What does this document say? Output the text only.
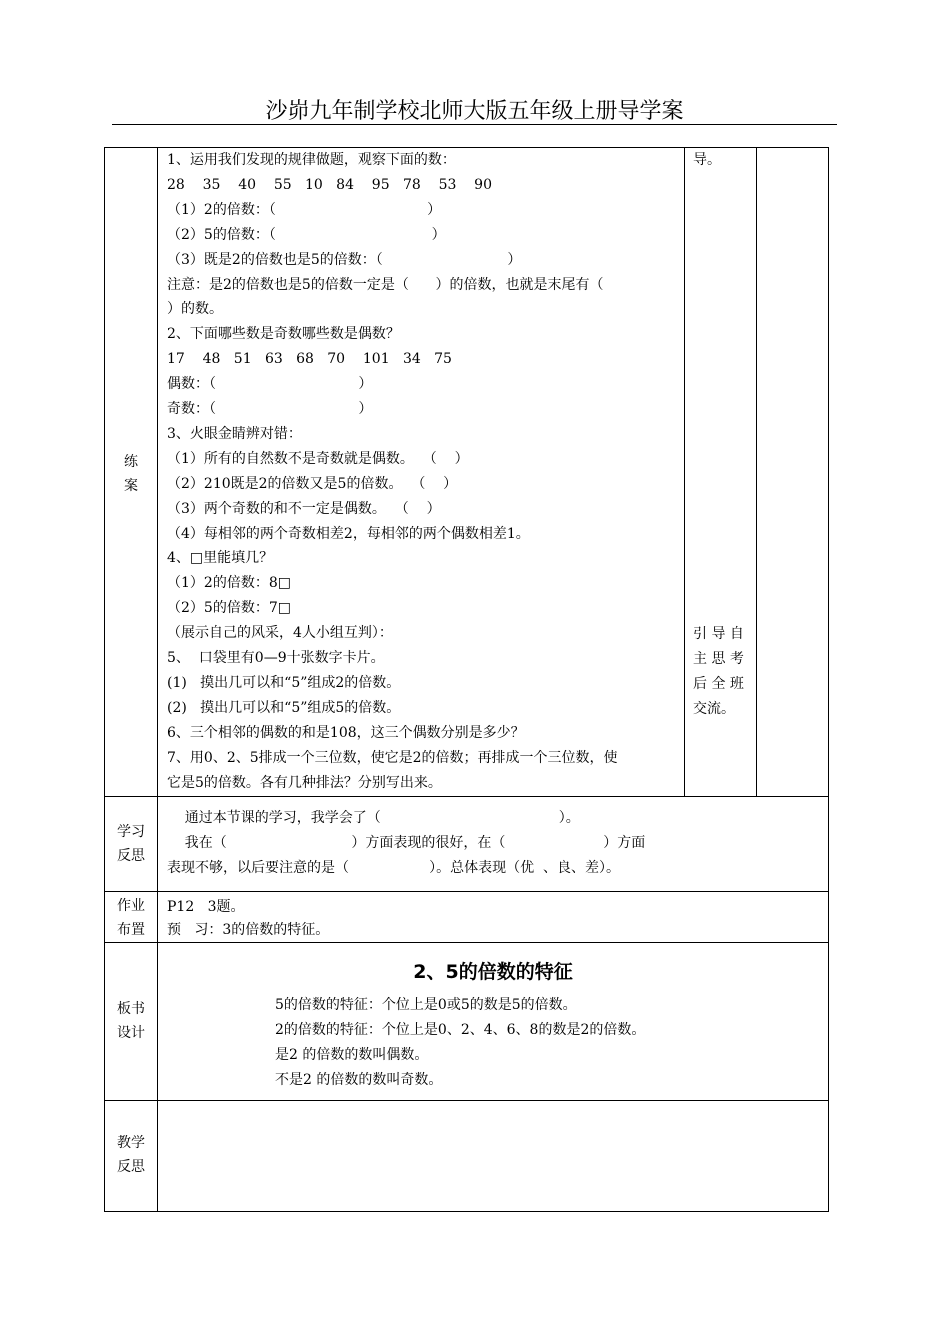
沙峁九年制学校北师大版五年级上册导学案
练
案
1、运用我们发现的规律做题，观察下面的数：
28    35    40    55   10   84    95   78    53    90
（1）2的倍数：（                                  ）
（2）5的倍数：（                                   ）
（3）既是2的倍数也是5的倍数：（                            ）
注意：是2的倍数也是5的倍数一定是（      ）的倍数，也就是末尾有（
）的数。
2、下面哪些数是奇数哪些数是偶数？
17    48   51   63   68   70    101   34   75
偶数：（                                ）
奇数：（                                ）
3、火眼金睛辨对错：
（1）所有的自然数不是奇数就是偶数。  （    ）
（2）210既是2的倍数又是5的倍数。  （    ）
（3）两个奇数的和不一定是偶数。  （    ）
（4）每相邻的两个奇数相差2，每相邻的两个偶数相差1。
4、□里能填几？
（1）2的倍数：8□
（2）5的倍数：7□
（展示自己的风采，4人小组互判）：
5、  口袋里有0—9十张数字卡片。
(1)   摸出几可以和“5”组成2的倍数。
(2)   摸出几可以和“5”组成5的倍数。
6、三个相邻的偶数的和是108，这三个偶数分别是多少？
7、用0、2、5排成一个三位数，使它是2的倍数；再排成一个三位数，使
它是5的倍数。各有几种排法？分别写出来。
导。
引 导 自
主 思 考
后 全 班
交流。
学习
反思
通过本节课的学习，我学会了（                                        ）。
我在（                            ）方面表现的很好，在（                      ）方面
表现不够，以后要注意的是（                  ）。总体表现（优  、良、差）。
作业
布置
P12   3题。
预   习：3的倍数的特征。
板书
设计
2、5的倍数的特征
5的倍数的特征：个位上是0或5的数是5的倍数。
2的倍数的特征：个位上是0、2、4、6、8的数是2的倍数。
是2 的倍数的数叫偶数。
不是2 的倍数的数叫奇数。
教学
反思
